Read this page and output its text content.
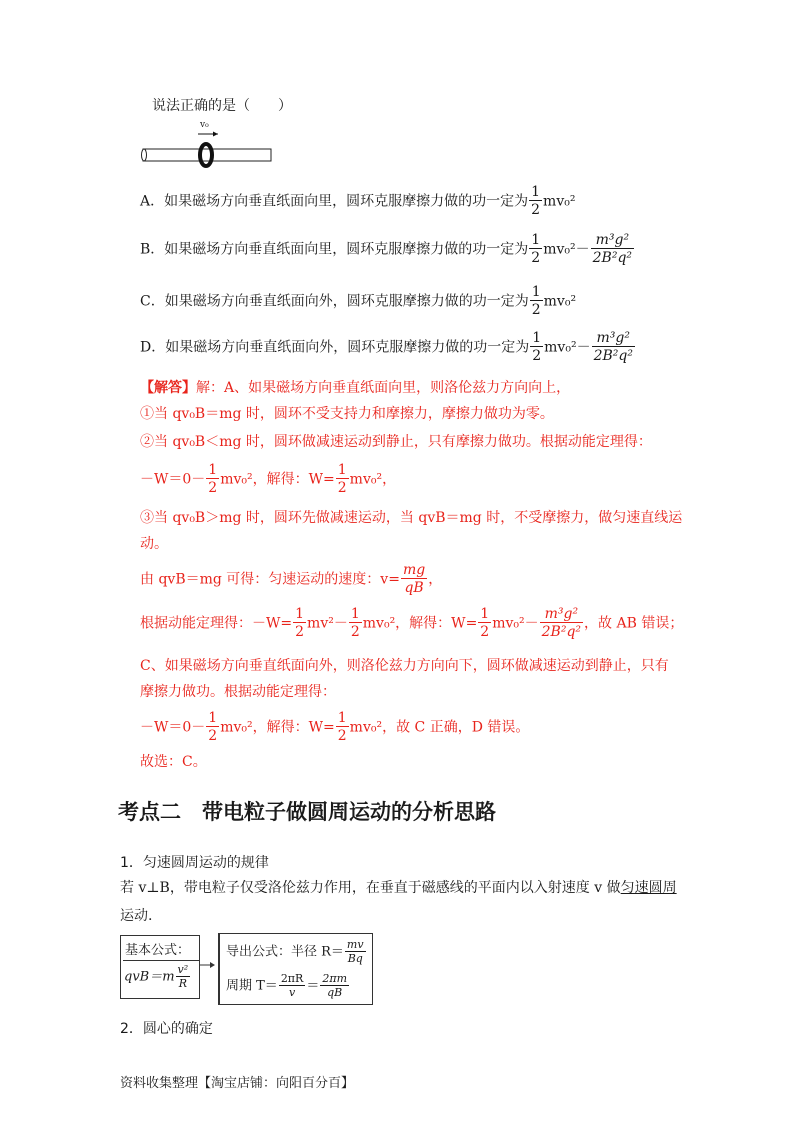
说法正确的是（　　）
v₀
A．如果磁场方向垂直纸面向里，圆环克服摩擦力做的功一定为 $\frac{1}{2} mv_0^2$
B．如果磁场方向垂直纸面向里，圆环克服摩擦力做的功一定为 $\frac{1}{2} mv_0^2- \frac{\text{m³g²}}{\text{2B²q²}}$
C．如果磁场方向垂直纸面向外，圆环克服摩擦力做的功一定为 $\frac{1}{2} mv_0^2$
D．如果磁场方向垂直纸面向外，圆环克服摩擦力做的功一定为 $\frac{1}{2} mv_0^2- \frac{\text{m³g²}}{\text{2B²q²}}$
【解答】解：A、如果磁场方向垂直纸面向里，则洛伦兹力方向向上，
①当 qv₀B＝mg 时，圆环不受支持力和摩擦力，摩擦力做功为零。
②当 qv₀B＜mg 时，圆环做减速运动到静止，只有摩擦力做功。根据动能定理得：
$-W=0- \frac{1}{2} mv_0^2$，解得：$W= \frac{1}{2} mv_0^2$，
③当 qv₀B＞mg 时，圆环先做减速运动，当 qvB＝mg 时，不受摩擦力，做匀速直线运
动。
由 qvB＝mg 可得：匀速运动的速度：$v= \frac{mg}{qB}$ ，
根据动能定理得：$-W= \frac{1}{2} mv^2- \frac{1}{2} mv_0^2$，解得：$W= \frac{1}{2} mv_0^2- \frac{\text{m³g²}}{\text{2B²q²}}$ ，故 AB 错误；
C、如果磁场方向垂直纸面向外，则洛伦兹力方向向下，圆环做减速运动到静止，只有
摩擦力做功。根据动能定理得：
$-W=0- \frac{1}{2} mv_0^2$，解得：$W= \frac{1}{2} mv_0^2$，故 C 正确，D 错误。
故选：C。
考点二　带电粒子做圆周运动的分析思路
1．匀速圆周运动的规律
若 v⊥B，带电粒子仅受洛伦兹力作用，在垂直于磁感线的平面内以入射速度 v 做匀速圆周
运动.
基本公式：
$qvB=m \frac{\text{v²}}{R}$
导出公式：半径 $R= \frac{mv}{Bq}$
周期 $T= \frac{2\pi R}{v} = \frac{2\pi m}{qB}$
2．圆心的确定
资料收集整理【淘宝店铺：向阳百分百】
